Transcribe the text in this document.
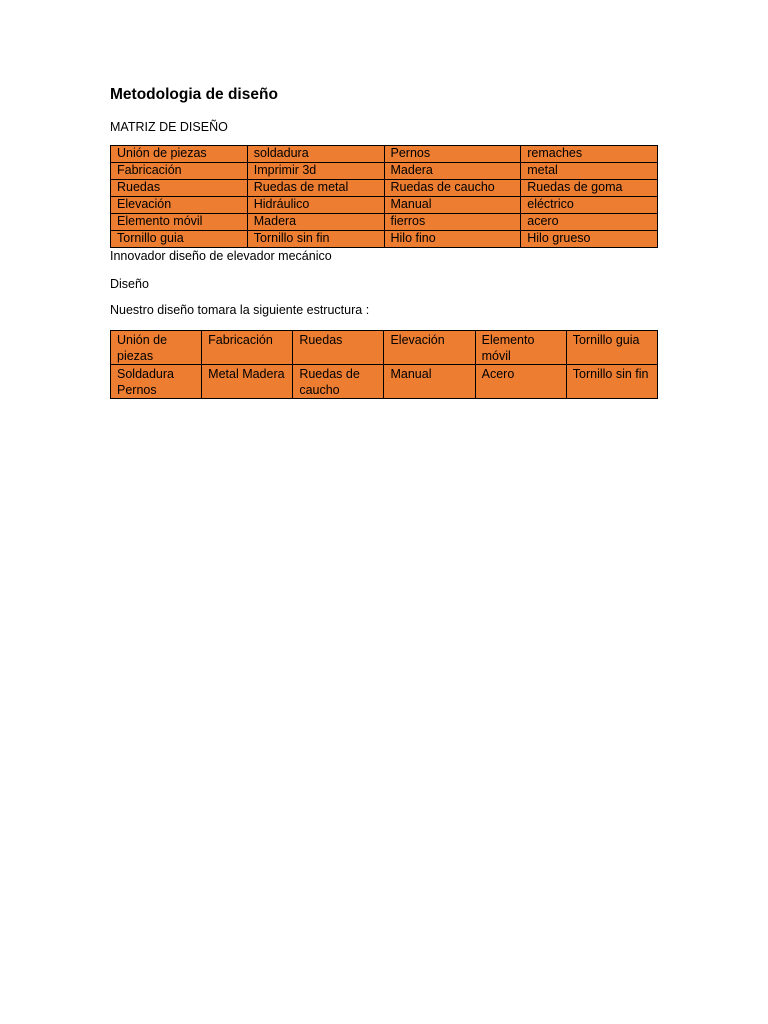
Metodologia de diseño

MATRIZ DE DISEÑO

Unión de piezas	soldadura	Pernos	remaches
Fabricación	Imprimir 3d	Madera	metal
Ruedas	Ruedas de metal	Ruedas de caucho	Ruedas de goma
Elevación	Hidráulico	Manual	eléctrico
Elemento móvil	Madera	fierros	acero
Tornillo guia	Tornillo sin fin	Hilo fino	Hilo grueso

Innovador diseño de elevador mecánico

Diseño

Nuestro diseño tomara la siguiente estructura :

Unión de piezas	Fabricación	Ruedas	Elevación	Elemento móvil	Tornillo guia
Soldadura Pernos	Metal Madera	Ruedas de caucho	Manual	Acero	Tornillo sin fin
